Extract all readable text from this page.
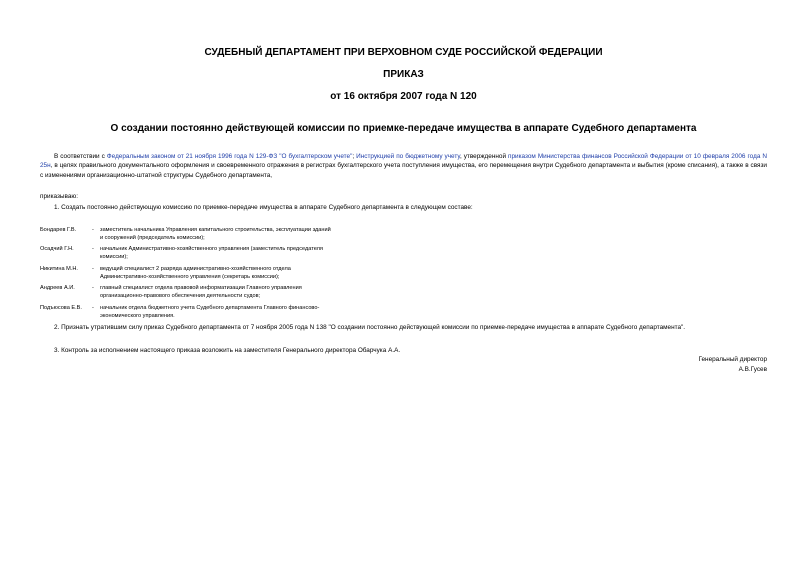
СУДЕБНЫЙ ДЕПАРТАМЕНТ ПРИ ВЕРХОВНОМ СУДЕ РОССИЙСКОЙ ФЕДЕРАЦИИ
ПРИКАЗ
от 16 октября 2007 года N 120
О создании постоянно действующей комиссии по приемке-передаче имущества в аппарате Судебного департамента
В соответствии с Федеральным законом от 21 ноября 1996 года N 129-ФЗ "О бухгалтерском учете"; Инструкцией по бюджетному учету, утвержденной приказом Министерства финансов Российской Федерации от 10 февраля 2006 года N 25н, в целях правильного документального оформления и своевременного отражения в регистрах бухгалтерского учета поступления имущества, его перемещения внутри Судебного департамента и выбытия (кроме списания), а также в связи с изменениями организационно-штатной структуры Судебного департамента,
приказываю:
1. Создать постоянно действующую комиссию по приемке-передаче имущества в аппарате Судебного департамента в следующем составе:
Бондарев Г.В.	-	заместитель начальника Управления капитального строительства, эксплуатации зданий и сооружений (председатель комиссии);
Осадчий Г.Н.	-	начальник Административно-хозяйственного управления (заместитель председателя комиссии);
Никитина М.Н.	-	ведущий специалист 2 разряда административно-хозяйственного отдела Административно-хозяйственного управления (секретарь комиссии);
Андреев А.И.	-	главный специалист отдела правовой информатизации Главного управления организационно-правового обеспечения деятельности судов;
Подъюсова Е.В.	-	начальник отдела бюджетного учета Судебного департамента Главного финансово-экономического управления.
2. Признать утратившим силу приказ Судебного департамента от 7 ноября 2005 года N 138 "О создании постоянно действующей комиссии по приемке-передаче имущества в аппарате Судебного департамента".
3. Контроль за исполнением настоящего приказа возложить на заместителя Генерального директора Обарчука А.А.
Генеральный директор
А.В.Гусев
